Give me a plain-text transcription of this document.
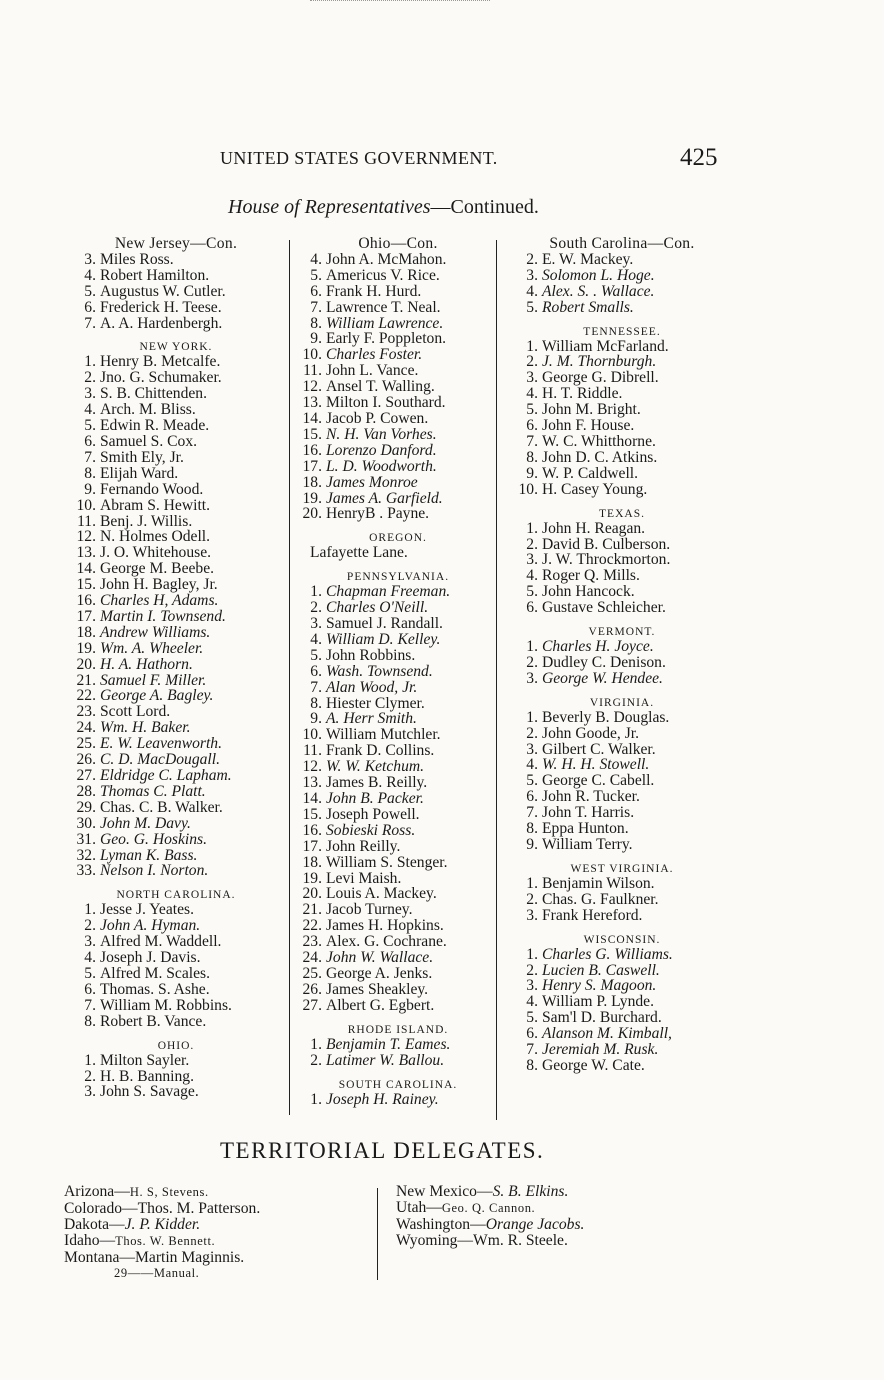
UNITED STATES GOVERNMENT.	425
House of Representatives—Continued.
New Jersey—Con.
3. Miles Ross.
4. Robert Hamilton.
5. Augustus W. Cutler.
6. Frederick H. Teese.
7. A. A. Hardenbergh.
NEW YORK.
1. Henry B. Metcalfe.
2. Jno. G. Schumaker.
3. S. B. Chittenden.
4. Arch. M. Bliss.
5. Edwin R. Meade.
6. Samuel S. Cox.
7. Smith Ely, Jr.
8. Elijah Ward.
9. Fernando Wood.
10. Abram S. Hewitt.
11. Benj. J. Willis.
12. N. Holmes Odell.
13. J. O. Whitehouse.
14. George M. Beebe.
15. John H. Bagley, Jr.
16. Charles H, Adams.
17. Martin I. Townsend.
18. Andrew Williams.
19. Wm. A. Wheeler.
20. H. A. Hathorn.
21. Samuel F. Miller.
22. George A. Bagley.
23. Scott Lord.
24. Wm. H. Baker.
25. E. W. Leavenworth.
26. C. D. MacDougall.
27. Eldridge C. Lapham.
28. Thomas C. Platt.
29. Chas. C. B. Walker.
30. John M. Davy.
31. Geo. G. Hoskins.
32. Lyman K. Bass.
33. Nelson I. Norton.
NORTH CAROLINA.
1. Jesse J. Yeates.
2. John A. Hyman.
3. Alfred M. Waddell.
4. Joseph J. Davis.
5. Alfred M. Scales.
6. Thomas. S. Ashe.
7. William M. Robbins.
8. Robert B. Vance.
OHIO.
1. Milton Sayler.
2. H. B. Banning.
3. John S. Savage.
Ohio—Con.
4. John A. McMahon.
5. Americus V. Rice.
6. Frank H. Hurd.
7. Lawrence T. Neal.
8. William Lawrence.
9. Early F. Poppleton.
10. Charles Foster.
11. John L. Vance.
12. Ansel T. Walling.
13. Milton I. Southard.
14. Jacob P. Cowen.
15. N. H. Van Vorhes.
16. Lorenzo Danford.
17. L. D. Woodworth.
18. James Monroe
19. James A. Garfield.
20. HenryB . Payne.
OREGON.
Lafayette Lane.
PENNSYLVANIA.
1. Chapman Freeman.
2. Charles O'Neill.
3. Samuel J. Randall.
4. William D. Kelley.
5. John Robbins.
6. Wash. Townsend.
7. Alan Wood, Jr.
8. Hiester Clymer.
9. A. Herr Smith.
10. William Mutchler.
11. Frank D. Collins.
12. W. W. Ketchum.
13. James B. Reilly.
14. John B. Packer.
15. Joseph Powell.
16. Sobieski Ross.
17. John Reilly.
18. William S. Stenger.
19. Levi Maish.
20. Louis A. Mackey.
21. Jacob Turney.
22. James H. Hopkins.
23. Alex. G. Cochrane.
24. John W. Wallace.
25. George A. Jenks.
26. James Sheakley.
27. Albert G. Egbert.
RHODE ISLAND.
1. Benjamin T. Eames.
2. Latimer W. Ballou.
SOUTH CAROLINA.
1. Joseph H. Rainey.
South Carolina—Con.
2. E. W. Mackey.
3. Solomon L. Hoge.
4. Alex. S. . Wallace.
5. Robert Smalls.
TENNESSEE.
1. William McFarland.
2. J. M. Thornburgh.
3. George G. Dibrell.
4. H. T. Riddle.
5. John M. Bright.
6. John F. House.
7. W. C. Whitthorne.
8. John D. C. Atkins.
9. W. P. Caldwell.
10. H. Casey Young.
TEXAS.
1. John H. Reagan.
2. David B. Culberson.
3. J. W. Throckmorton.
4. Roger Q. Mills.
5. John Hancock.
6. Gustave Schleicher.
VERMONT.
1. Charles H. Joyce.
2. Dudley C. Denison.
3. George W. Hendee.
VIRGINIA.
1. Beverly B. Douglas.
2. John Goode, Jr.
3. Gilbert C. Walker.
4. W. H. H. Stowell.
5. George C. Cabell.
6. John R. Tucker.
7. John T. Harris.
8. Eppa Hunton.
9. William Terry.
WEST VIRGINIA.
1. Benjamin Wilson.
2. Chas. G. Faulkner.
3. Frank Hereford.
WISCONSIN.
1. Charles G. Williams.
2. Lucien B. Caswell.
3. Henry S. Magoon.
4. William P. Lynde.
5. Sam'l D. Burchard.
6. Alanson M. Kimball,
7. Jeremiah M. Rusk.
8. George W. Cate.
TERRITORIAL DELEGATES.
Arizona—H. S, Stevens.
Colorado—Thos. M. Patterson.
Dakota—J. P. Kidder.
Idaho—Thos. W. Bennett.
Montana—Martin Maginnis.
29——Manual.
New Mexico—S. B. Elkins.
Utah—Geo. Q. Cannon.
Washington—Orange Jacobs.
Wyoming—Wm. R. Steele.
